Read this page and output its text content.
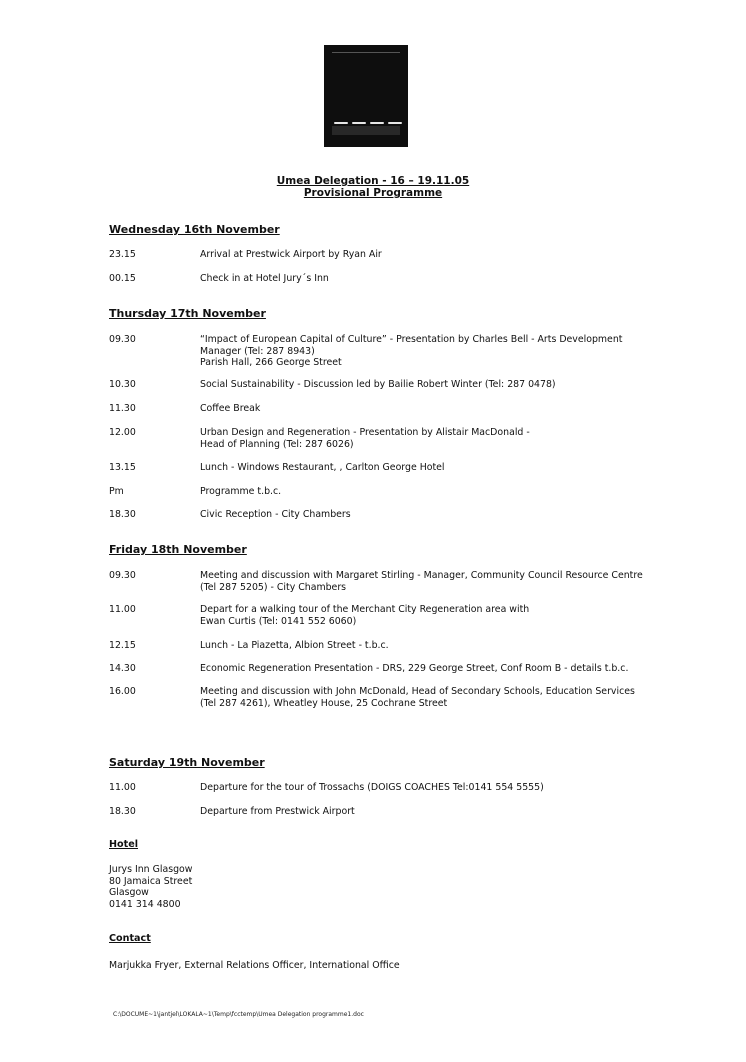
Umea Delegation - 16 – 19.11.05
Provisional Programme
Wednesday 16th November
23.15	Arrival at Prestwick Airport by Ryan Air
00.15	Check in at Hotel Jury´s Inn
Thursday 17th November
09.30	“Impact of European Capital of Culture” - Presentation by Charles Bell - Arts Development
Manager (Tel: 287 8943)
Parish Hall, 266 George Street
10.30	Social Sustainability - Discussion led by Bailie Robert Winter (Tel: 287 0478)
11.30	Coffee Break
12.00	Urban Design and Regeneration - Presentation by Alistair MacDonald -
Head of Planning (Tel: 287 6026)
13.15	Lunch - Windows Restaurant, , Carlton George Hotel
Pm	Programme t.b.c.
18.30	Civic Reception - City Chambers
Friday 18th November
09.30	Meeting and discussion with Margaret Stirling - Manager, Community Council Resource Centre
(Tel 287 5205) - City Chambers
11.00	Depart for a walking tour of the Merchant City Regeneration area with
Ewan Curtis (Tel: 0141 552 6060)
12.15	Lunch - La Piazetta, Albion Street - t.b.c.
14.30	Economic Regeneration Presentation - DRS, 229 George Street, Conf Room B - details t.b.c.
16.00	Meeting and discussion with John McDonald, Head of Secondary Schools, Education Services
(Tel 287 4261), Wheatley House, 25 Cochrane Street
Saturday 19th November
11.00	Departure for the tour of Trossachs (DOIGS COACHES Tel:0141 554 5555)
18.30	Departure from Prestwick Airport
Hotel
Jurys Inn Glasgow
80 Jamaica Street
Glasgow
0141 314 4800
Contact
Marjukka Fryer, External Relations Officer, International Office
C:\DOCUME~1\jantjel\LOKALA~1\Temp\fcctemp\Umea Delegation programme1.doc
